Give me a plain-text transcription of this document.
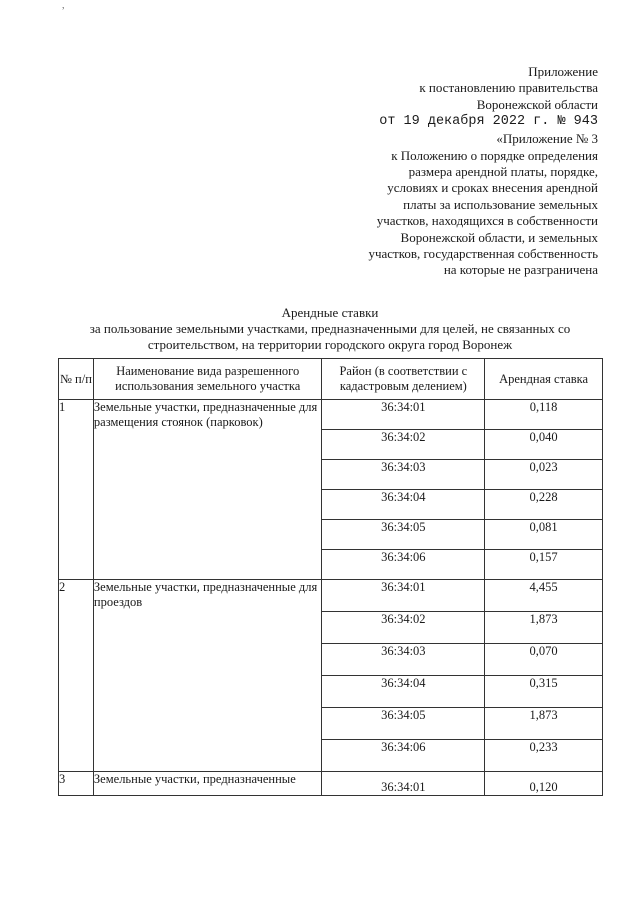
,
Приложение
к постановлению правительства
Воронежской области
от 19 декабря 2022 г. № 943
«Приложение № 3
к Положению о порядке определения
размера арендной платы, порядке,
условиях и сроках внесения арендной
платы за использование земельных
участков, находящихся в собственности
Воронежской области, и земельных
участков, государственная собственность
на которые не разграничена
Арендные ставки
за пользование земельными участками, предназначенными для целей, не связанных со
строительством, на территории городского округа город Воронеж
№ п/п	Наименование вида разрешенного использования земельного участка	Район (в соответствии с кадастровым делением)	Арендная ставка
1	Земельные участки, предназначенные для размещения стоянок (парковок)	36:34:01	0,118
		36:34:02	0,040
		36:34:03	0,023
		36:34:04	0,228
		36:34:05	0,081
		36:34:06	0,157
2	Земельные участки, предназначенные для проездов	36:34:01	4,455
		36:34:02	1,873
		36:34:03	0,070
		36:34:04	0,315
		36:34:05	1,873
		36:34:06	0,233
3	Земельные участки, предназначенные	36:34:01	0,120
